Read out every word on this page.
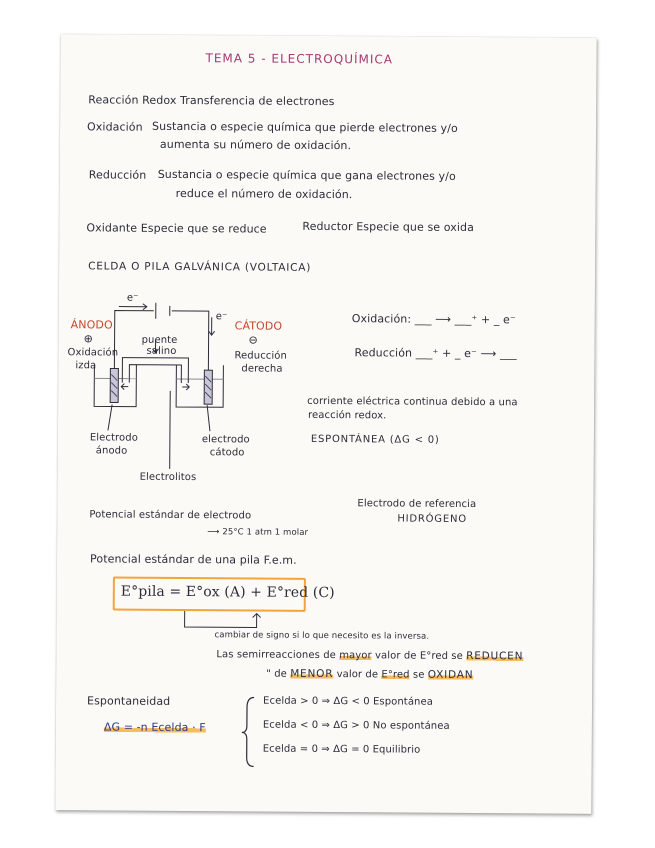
TEMA 5 - ELECTROQUÍMICA
Reacción Redox Transferencia de electrones
Oxidación Sustancia o especie química que pierde electrones y/o
aumenta su número de oxidación.
Reducción Sustancia o especie química que gana electrones y/o
reduce el número de oxidación.
Oxidante Especie que se reduce	Reductor Especie que se oxida
CELDA O PILA GALVÁNICA (VOLTAICA)
e⁻
e⁻
ÁNODO
⊕
Oxidación
izda
puente
salino
CÁTODO
⊖
Reducción
derecha
Electrodo
ánodo
electrodo
cátodo
Electrolitos
Oxidación: ___ ⟶ ___⁺ + _ e⁻
Reducción ___⁺ + _ e⁻ ⟶ ___
corriente eléctrica continua debido a una
reacción redox.
ESPONTÁNEA (ΔG < 0)
Potencial estándar de electrodo
⟶ 25°C 1 atm 1 molar
Electrodo de referencia
HIDRÓGENO
Potencial estándar de una pila F.e.m.
E°pila = E°ox (A) + E°red (C)
cambiar de signo si lo que necesito es la inversa.
Las semirreacciones de mayor valor de E°red se REDUCEN
" de MENOR valor de E°red se OXIDAN
Espontaneidad
ΔG = -n Ecelda · F
Ecelda > 0 ⇒ ΔG < 0 Espontánea
Ecelda < 0 ⇒ ΔG > 0 No espontánea
Ecelda = 0 ⇒ ΔG = 0 Equilibrio
